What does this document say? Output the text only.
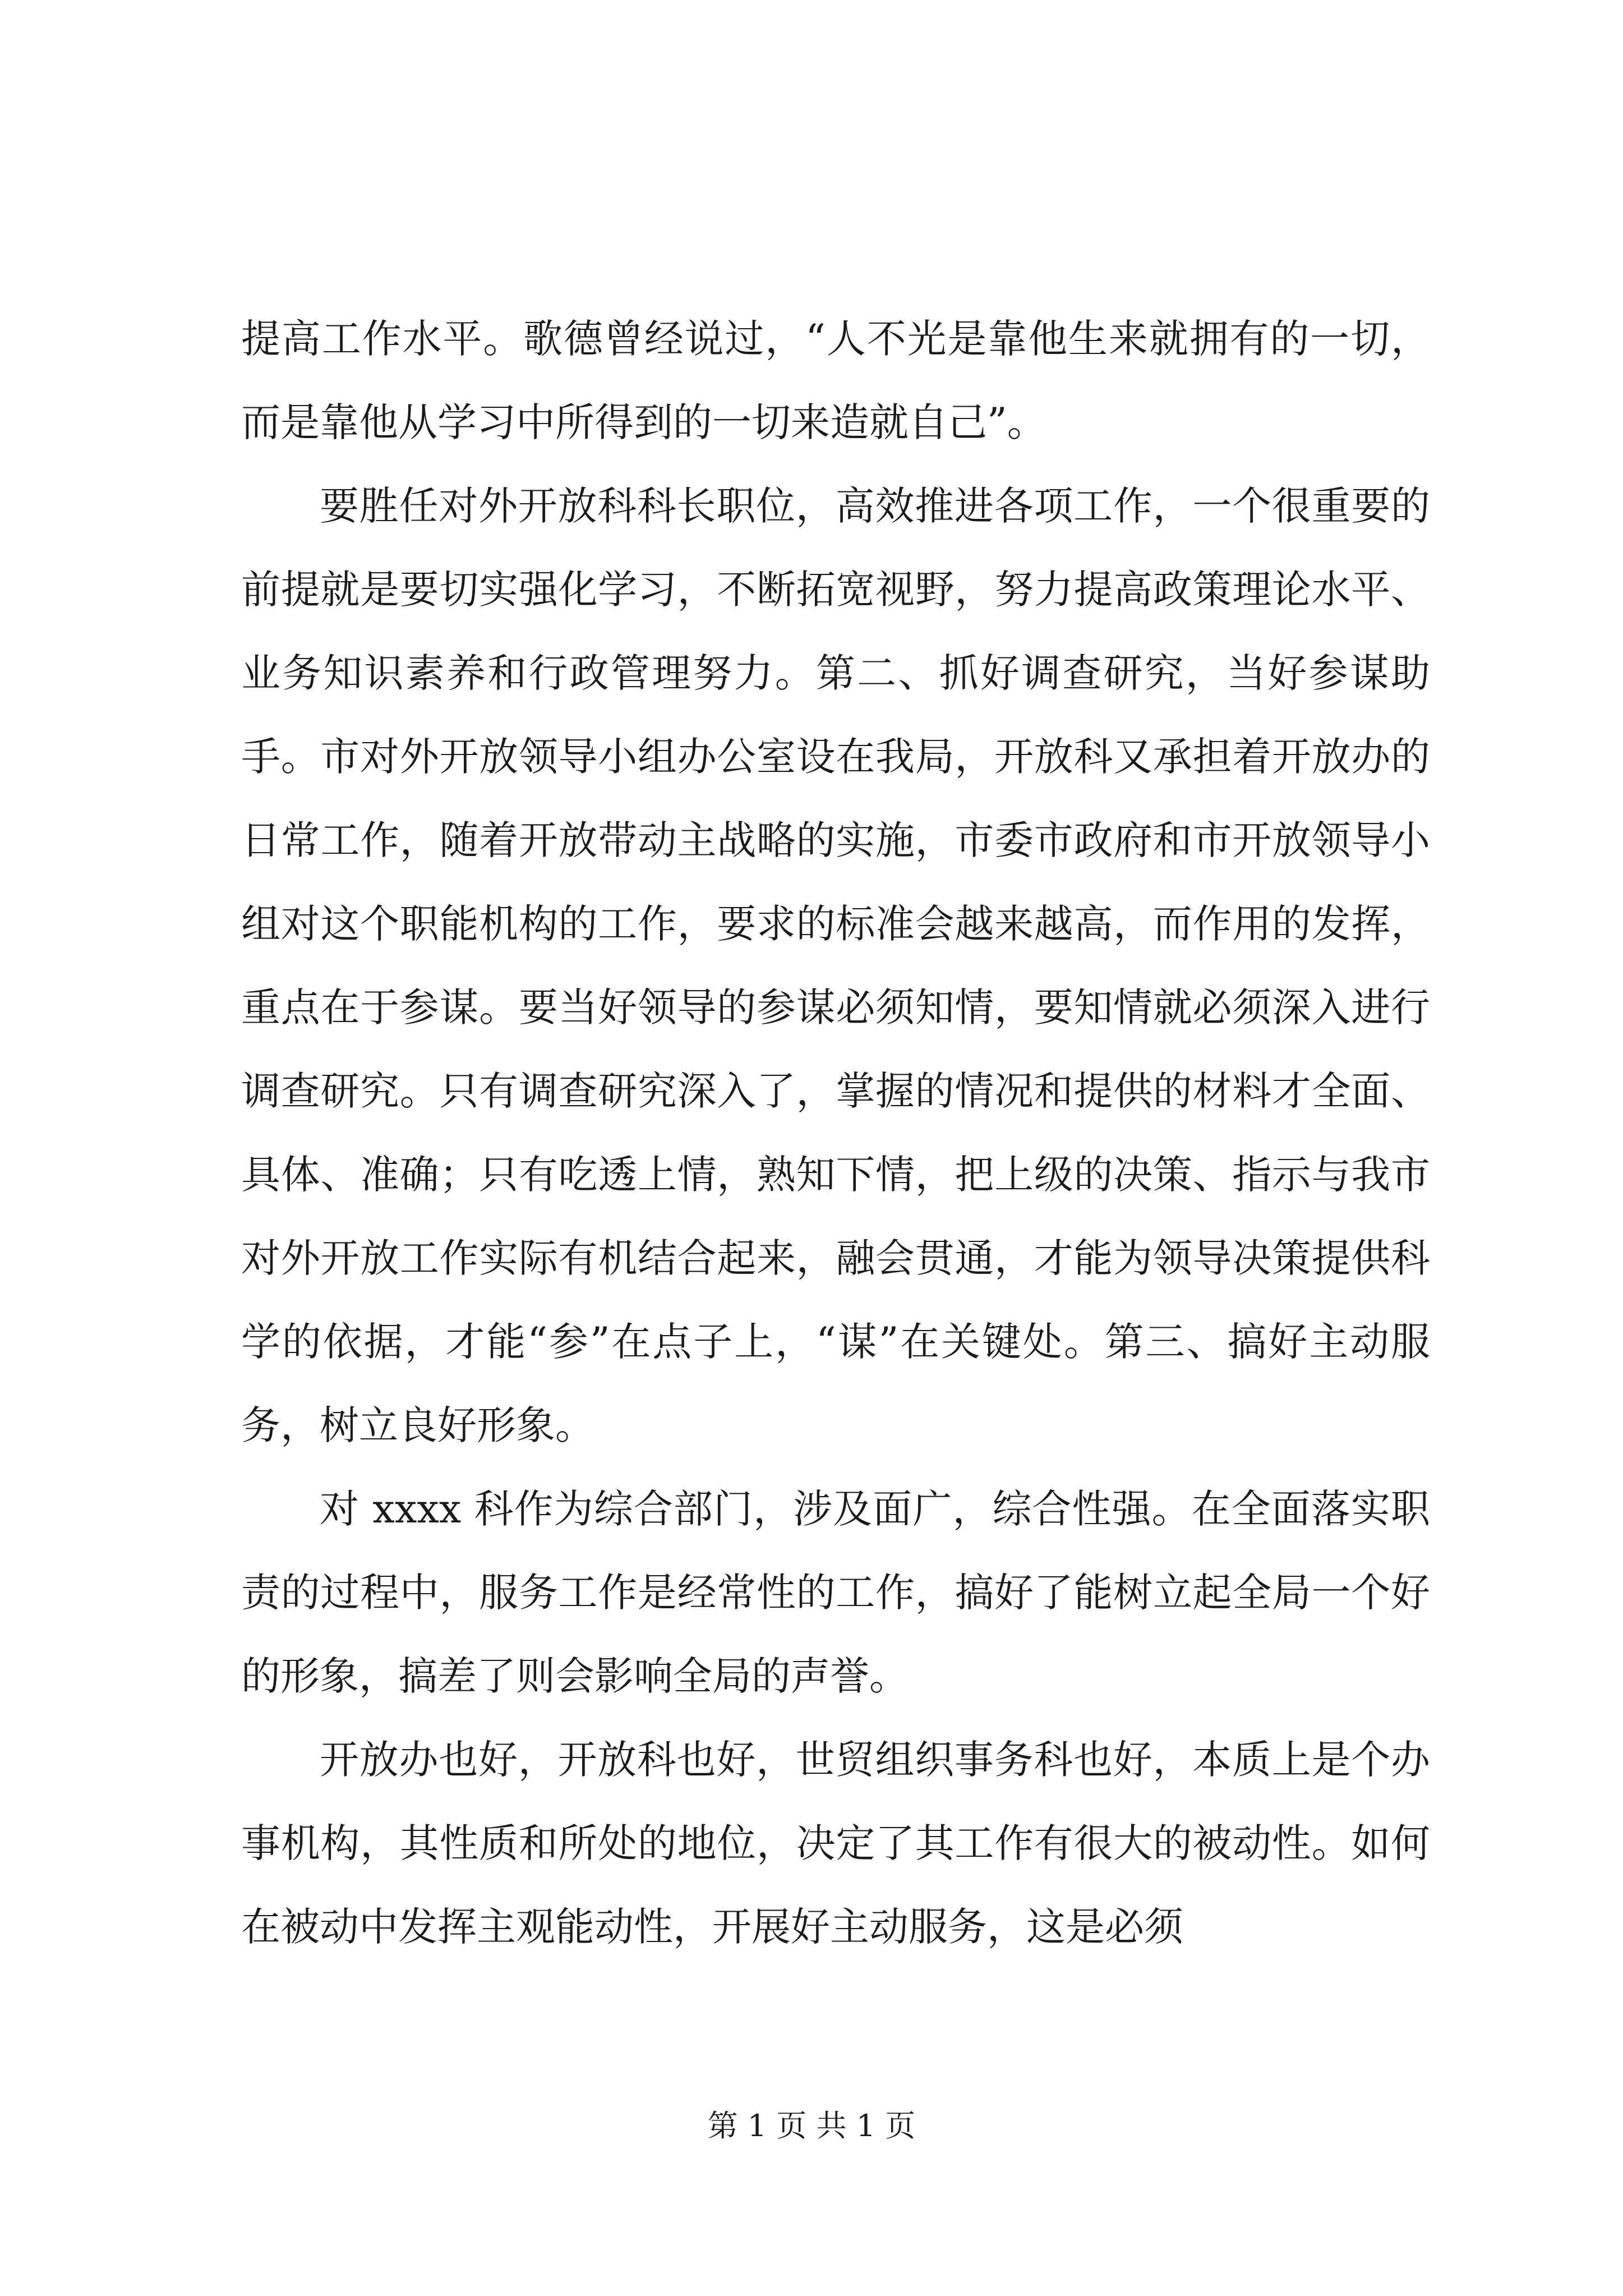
提高工作水平。歌德曾经说过，“人不光是靠他生来就拥有的一切，而是靠他从学习中所得到的一切来造就自己”。

要胜任对外开放科科长职位，高效推进各项工作，一个很重要的前提就是要切实强化学习，不断拓宽视野，努力提高政策理论水平、业务知识素养和行政管理努力。第二、抓好调查研究，当好参谋助手。市对外开放领导小组办公室设在我局，开放科又承担着开放办的日常工作，随着开放带动主战略的实施，市委市政府和市开放领导小组对这个职能机构的工作，要求的标准会越来越高，而作用的发挥，重点在于参谋。要当好领导的参谋必须知情，要知情就必须深入进行调查研究。只有调查研究深入了，掌握的情况和提供的材料才全面、具体、准确；只有吃透上情，熟知下情，把上级的决策、指示与我市对外开放工作实际有机结合起来，融会贯通，才能为领导决策提供科学的依据，才能“参”在点子上，“谋”在关键处。第三、搞好主动服务，树立良好形象。

对 xxxx 科作为综合部门，涉及面广，综合性强。在全面落实职责的过程中，服务工作是经常性的工作，搞好了能树立起全局一个好的形象，搞差了则会影响全局的声誉。

开放办也好，开放科也好，世贸组织事务科也好，本质上是个办事机构，其性质和所处的地位，决定了其工作有很大的被动性。如何在被动中发挥主观能动性，开展好主动服务，这是必须

第 1 页 共 1 页
